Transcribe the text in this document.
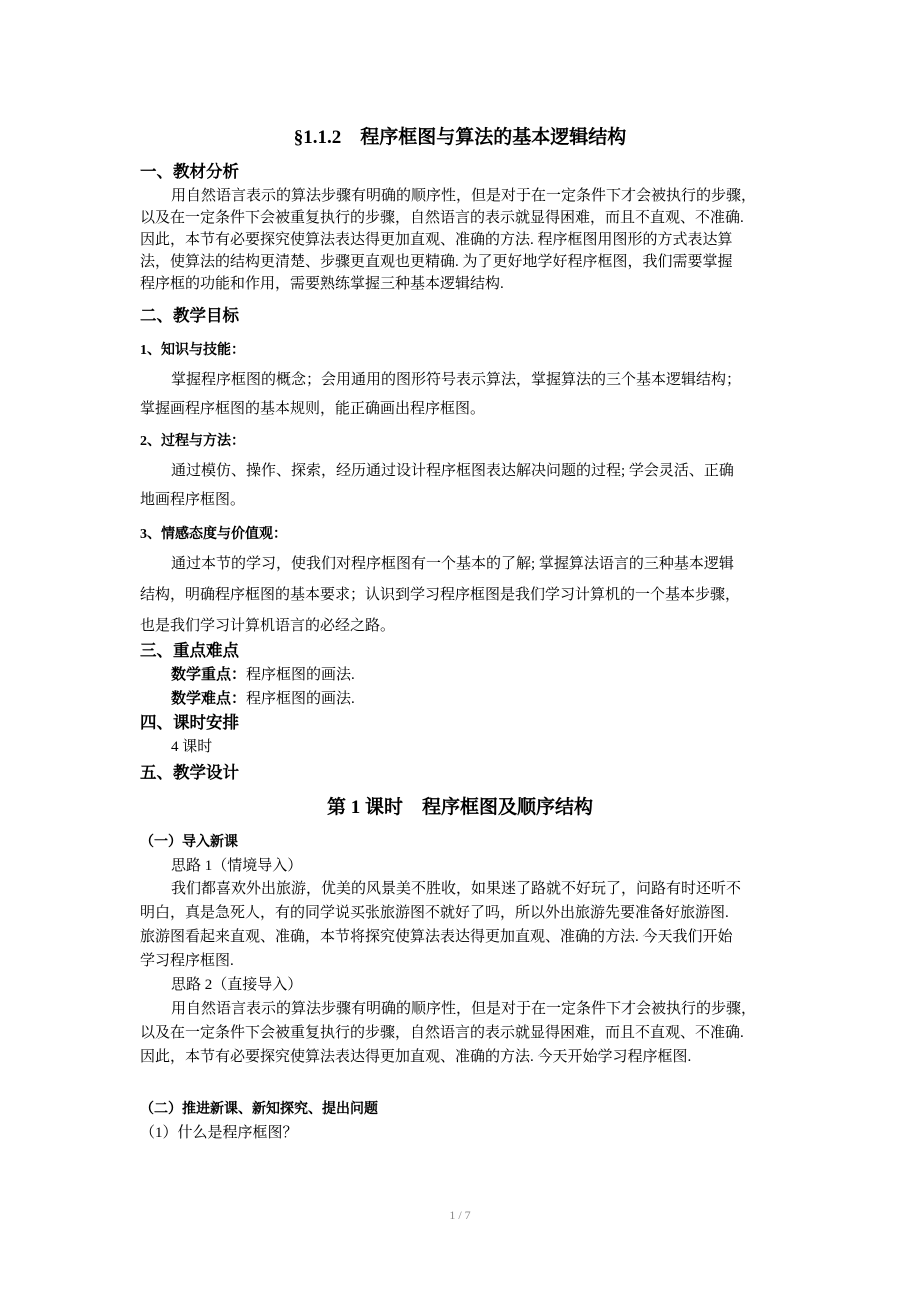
§1.1.2　程序框图与算法的基本逻辑结构
一、教材分析
用自然语言表示的算法步骤有明确的顺序性，但是对于在一定条件下才会被执行的步骤，
以及在一定条件下会被重复执行的步骤，自然语言的表示就显得困难，而且不直观、不准确.
因此，本节有必要探究使算法表达得更加直观、准确的方法. 程序框图用图形的方式表达算
法，使算法的结构更清楚、步骤更直观也更精确. 为了更好地学好程序框图，我们需要掌握
程序框的功能和作用，需要熟练掌握三种基本逻辑结构.
二、教学目标
1、知识与技能：
掌握程序框图的概念；会用通用的图形符号表示算法，掌握算法的三个基本逻辑结构；
掌握画程序框图的基本规则，能正确画出程序框图。
2、过程与方法：
通过模仿、操作、探索，经历通过设计程序框图表达解决问题的过程; 学会灵活、正确
地画程序框图。
3、情感态度与价值观：
通过本节的学习，使我们对程序框图有一个基本的了解; 掌握算法语言的三种基本逻辑
结构，明确程序框图的基本要求；认识到学习程序框图是我们学习计算机的一个基本步骤，
也是我们学习计算机语言的必经之路。
三、重点难点
数学重点：程序框图的画法.
数学难点：程序框图的画法.
四、课时安排
4 课时
五、教学设计
第 1 课时　程序框图及顺序结构
（一）导入新课
思路 1（情境导入）
我们都喜欢外出旅游，优美的风景美不胜收，如果迷了路就不好玩了，问路有时还听不
明白，真是急死人，有的同学说买张旅游图不就好了吗，所以外出旅游先要准备好旅游图.
旅游图看起来直观、准确，本节将探究使算法表达得更加直观、准确的方法. 今天我们开始
学习程序框图.
思路 2（直接导入）
用自然语言表示的算法步骤有明确的顺序性，但是对于在一定条件下才会被执行的步骤，
以及在一定条件下会被重复执行的步骤，自然语言的表示就显得困难，而且不直观、不准确.
因此，本节有必要探究使算法表达得更加直观、准确的方法. 今天开始学习程序框图.
（二）推进新课、新知探究、提出问题
（1）什么是程序框图？
1 / 7
